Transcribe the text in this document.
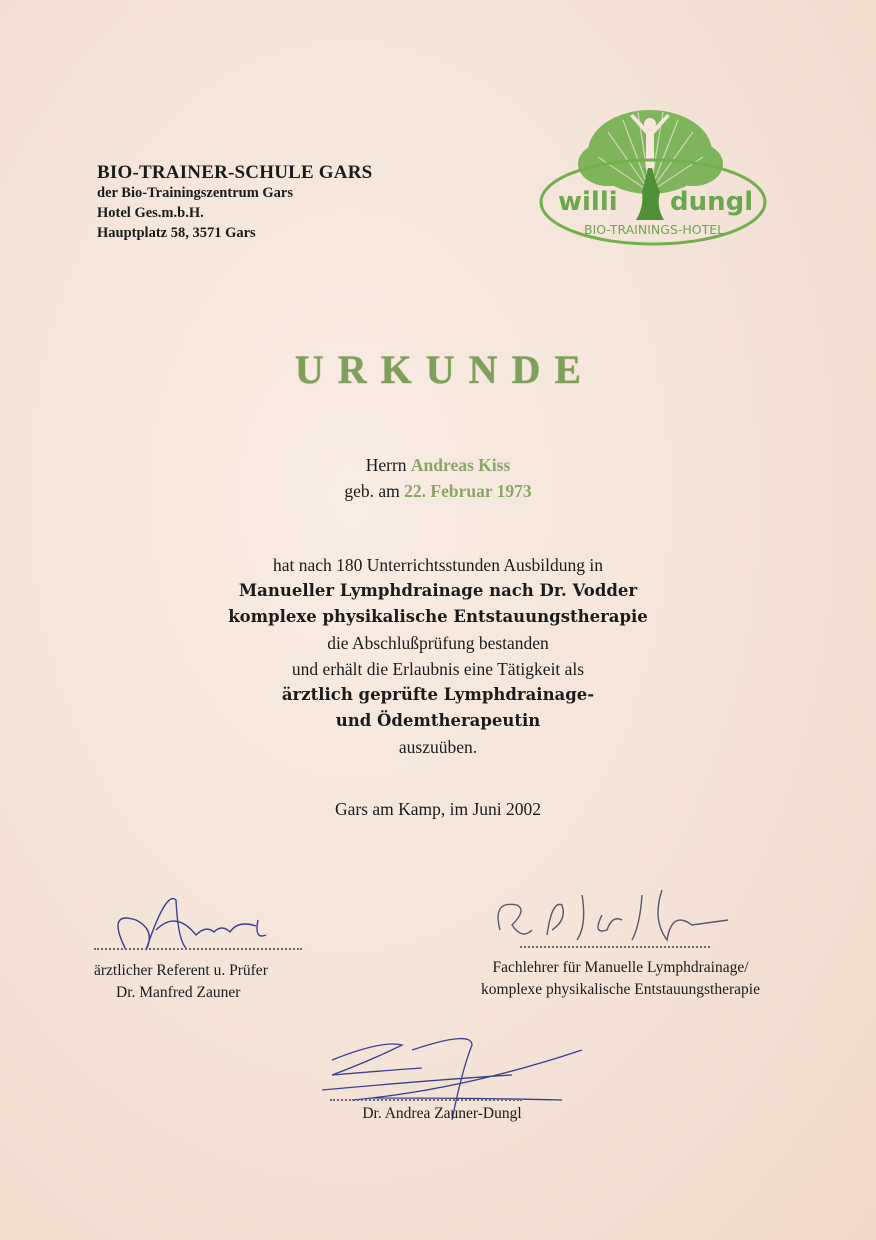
BIO-TRAINER-SCHULE GARS
der Bio-Trainingszentrum Gars
Hotel Ges.m.b.H.
Hauptplatz 58, 3571 Gars
willi dungl
BIO-TRAININGS-HOTEL
URKUNDE
Herrn Andreas Kiss
geb. am 22. Februar 1973
hat nach 180 Unterrichtsstunden Ausbildung in
Manueller Lymphdrainage nach Dr. Vodder
komplexe physikalische Entstauungstherapie
die Abschlußprüfung bestanden
und erhält die Erlaubnis eine Tätigkeit als
ärztlich geprüfte Lymphdrainage-
und Ödemtherapeutin
auszuüben.
Gars am Kamp, im Juni 2002
ärztlicher Referent u. Prüfer
Dr. Manfred Zauner
Fachlehrer für Manuelle Lymphdrainage/
komplexe physikalische Entstauungstherapie
Dr. Andrea Zauner-Dungl
